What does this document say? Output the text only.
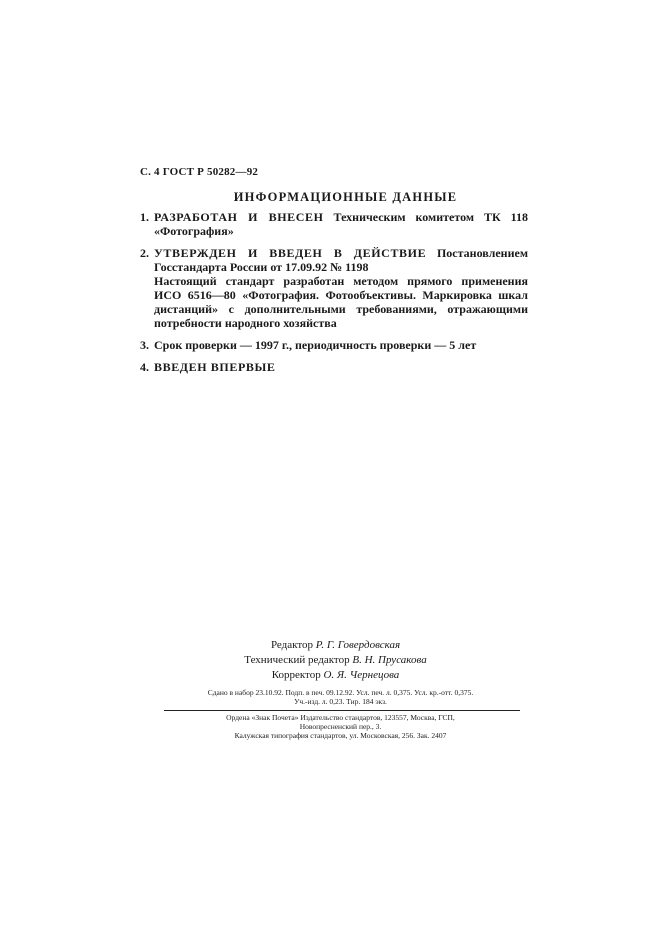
С. 4 ГОСТ Р 50282—92
ИНФОРМАЦИОННЫЕ ДАННЫЕ
1. РАЗРАБОТАН И ВНЕСЕН Техническим комитетом ТК 118 «Фотография»
2. УТВЕРЖДЕН И ВВЕДЕН В ДЕЙСТВИЕ Постановлением Госстандарта России от 17.09.92 № 1198
Настоящий стандарт разработан методом прямого применения ИСО 6516—80 «Фотография. Фотообъективы. Маркировка шкал дистанций» с дополнительными требованиями, отражающими потребности народного хозяйства
3. Срок проверки — 1997 г., периодичность проверки — 5 лет
4. ВВЕДЕН ВПЕРВЫЕ
Редактор Р. Г. Говердовская
Технический редактор В. Н. Прусакова
Корректор О. Я. Чернецова
Сдано в набор 23.10.92. Подп. в печ. 09.12.92. Усл. печ. л. 0,375. Усл. кр.-отт. 0,375.
Уч.-изд. л. 0,23. Тир. 184 экз.
Ордена «Знак Почета» Издательство стандартов, 123557, Москва, ГСП,
Новопресненский пер., 3.
Калужская типография стандартов, ул. Московская, 256. Зак. 2407
